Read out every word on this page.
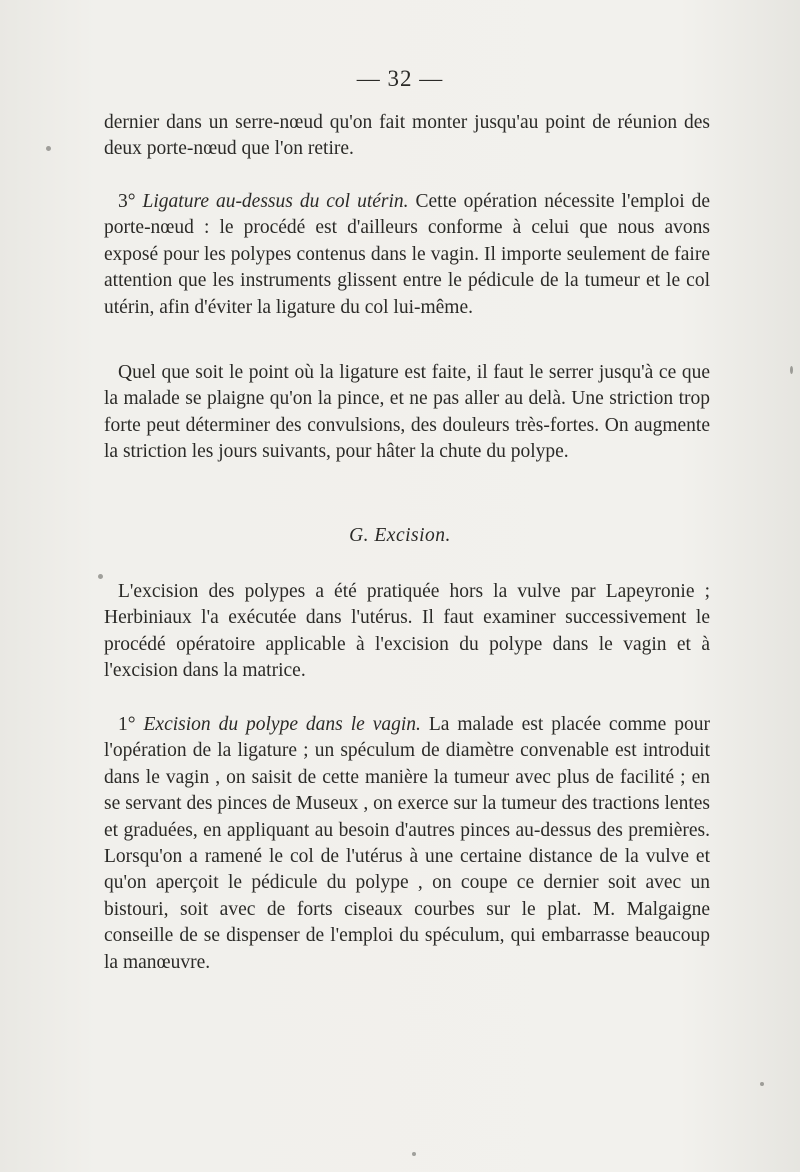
— 32 —

dernier dans un serre-nœud qu'on fait monter jusqu'au point de réunion des deux porte-nœud que l'on retire.

3° Ligature au-dessus du col utérin. Cette opération nécessite l'emploi de porte-nœud : le procédé est d'ailleurs conforme à celui que nous avons exposé pour les polypes contenus dans le vagin. Il importe seulement de faire attention que les instruments glissent entre le pédicule de la tumeur et le col utérin, afin d'éviter la ligature du col lui-même.

Quel que soit le point où la ligature est faite, il faut le serrer jusqu'à ce que la malade se plaigne qu'on la pince, et ne pas aller au delà. Une striction trop forte peut déterminer des convulsions, des douleurs très-fortes. On augmente la striction les jours suivants, pour hâter la chute du polype.

G. Excision.

L'excision des polypes a été pratiquée hors la vulve par Lapeyronie ; Herbiniaux l'a exécutée dans l'utérus. Il faut examiner successivement le procédé opératoire applicable à l'excision du polype dans le vagin et à l'excision dans la matrice.

1° Excision du polype dans le vagin. La malade est placée comme pour l'opération de la ligature ; un spéculum de diamètre convenable est introduit dans le vagin , on saisit de cette manière la tumeur avec plus de facilité ; en se servant des pinces de Museux , on exerce sur la tumeur des tractions lentes et graduées, en appliquant au besoin d'autres pinces au-dessus des premières. Lorsqu'on a ramené le col de l'utérus à une certaine distance de la vulve et qu'on aperçoit le pédicule du polype , on coupe ce dernier soit avec un bistouri, soit avec de forts ciseaux courbes sur le plat. M. Malgaigne conseille de se dispenser de l'emploi du spéculum, qui embarrasse beaucoup la manœuvre.
